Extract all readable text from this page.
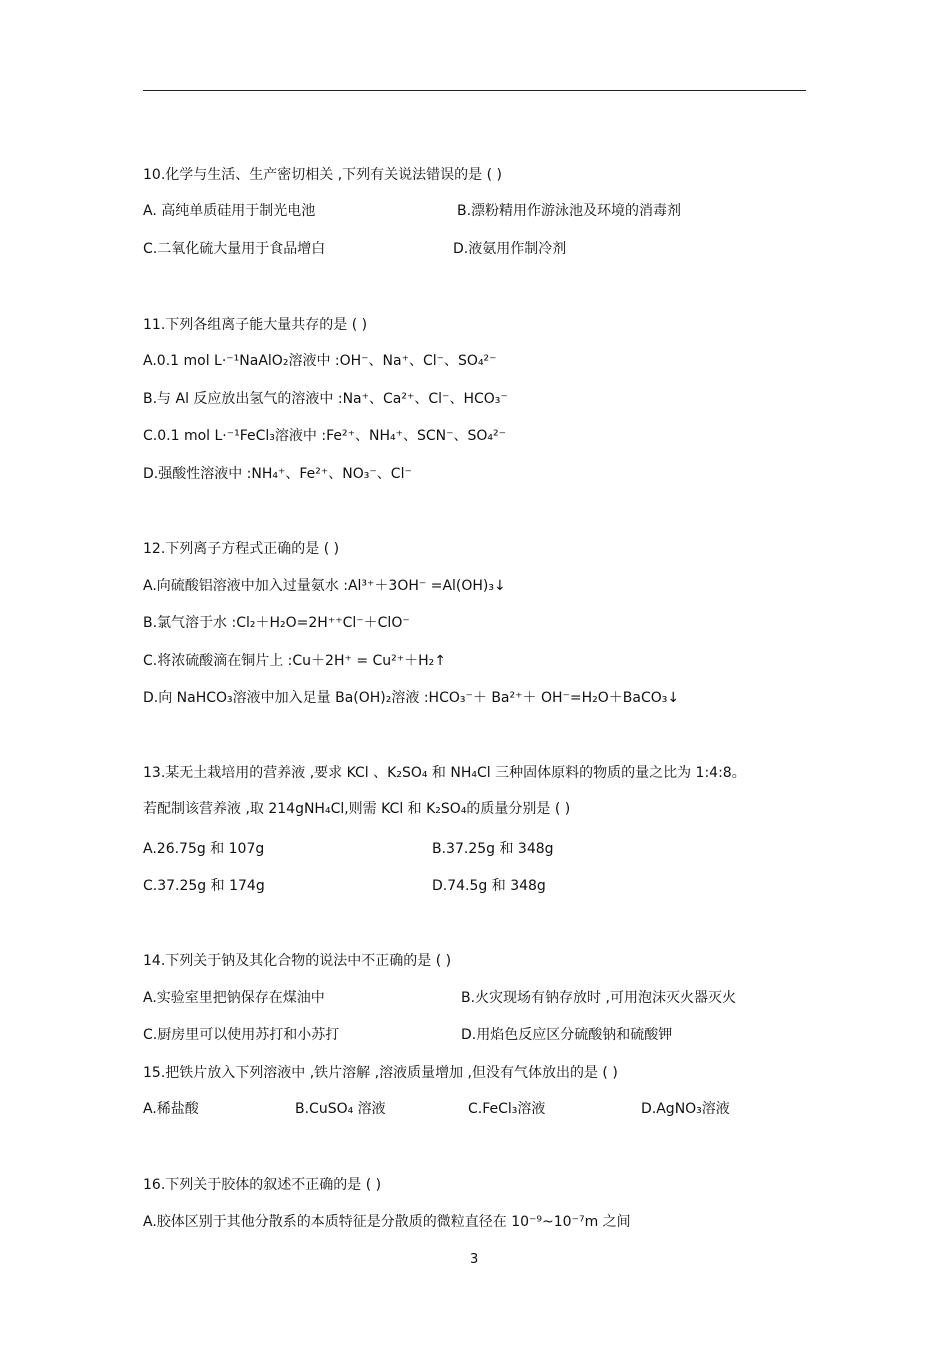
10.化学与生活、生产密切相关 ,下列有关说法错误的是 ( )
A. 高纯单质硅用于制光电池	B.漂粉精用作游泳池及环境的消毒剂
C.二氧化硫大量用于食品增白	D.液氨用作制冷剂
11.下列各组离子能大量共存的是 ( )
A.0.1 mol L·⁻¹NaAlO₂溶液中 :OH⁻、Na⁺、Cl⁻、SO₄²⁻
B.与 Al 反应放出氢气的溶液中 :Na⁺、Ca²⁺、Cl⁻、HCO₃⁻
C.0.1 mol L·⁻¹FeCl₃溶液中 :Fe²⁺、NH₄⁺、SCN⁻、SO₄²⁻
D.强酸性溶液中 :NH₄⁺、Fe²⁺、NO₃⁻、Cl⁻
12.下列离子方程式正确的是 ( )
A.向硫酸铝溶液中加入过量氨水 :Al³⁺＋3OH⁻ =Al(OH)₃↓
B.氯气溶于水 :Cl₂＋H₂O=2H⁺⁺Cl⁻＋ClO⁻
C.将浓硫酸滴在铜片上 :Cu＋2H⁺ = Cu²⁺＋H₂↑
D.向 NaHCO₃溶液中加入足量 Ba(OH)₂溶液 :HCO₃⁻＋ Ba²⁺＋ OH⁻=H₂O＋BaCO₃↓
13.某无土栽培用的营养液 ,要求 KCl 、K₂SO₄ 和 NH₄Cl 三种固体原料的物质的量之比为 1:4:8。
若配制该营养液 ,取 214gNH₄Cl,则需 KCl 和 K₂SO₄的质量分别是 ( )
A.26.75g 和 107g	B.37.25g 和 348g
C.37.25g 和 174g	D.74.5g 和 348g
14.下列关于钠及其化合物的说法中不正确的是 ( )
A.实验室里把钠保存在煤油中	B.火灾现场有钠存放时 ,可用泡沫灭火器灭火
C.厨房里可以使用苏打和小苏打	D.用焰色反应区分硫酸钠和硫酸钾
15.把铁片放入下列溶液中 ,铁片溶解 ,溶液质量增加 ,但没有气体放出的是 ( )
A.稀盐酸	B.CuSO₄ 溶液	C.FeCl₃溶液	D.AgNO₃溶液
16.下列关于胶体的叙述不正确的是 ( )
A.胶体区别于其他分散系的本质特征是分散质的微粒直径在 10⁻⁹~10⁻⁷m 之间
3
